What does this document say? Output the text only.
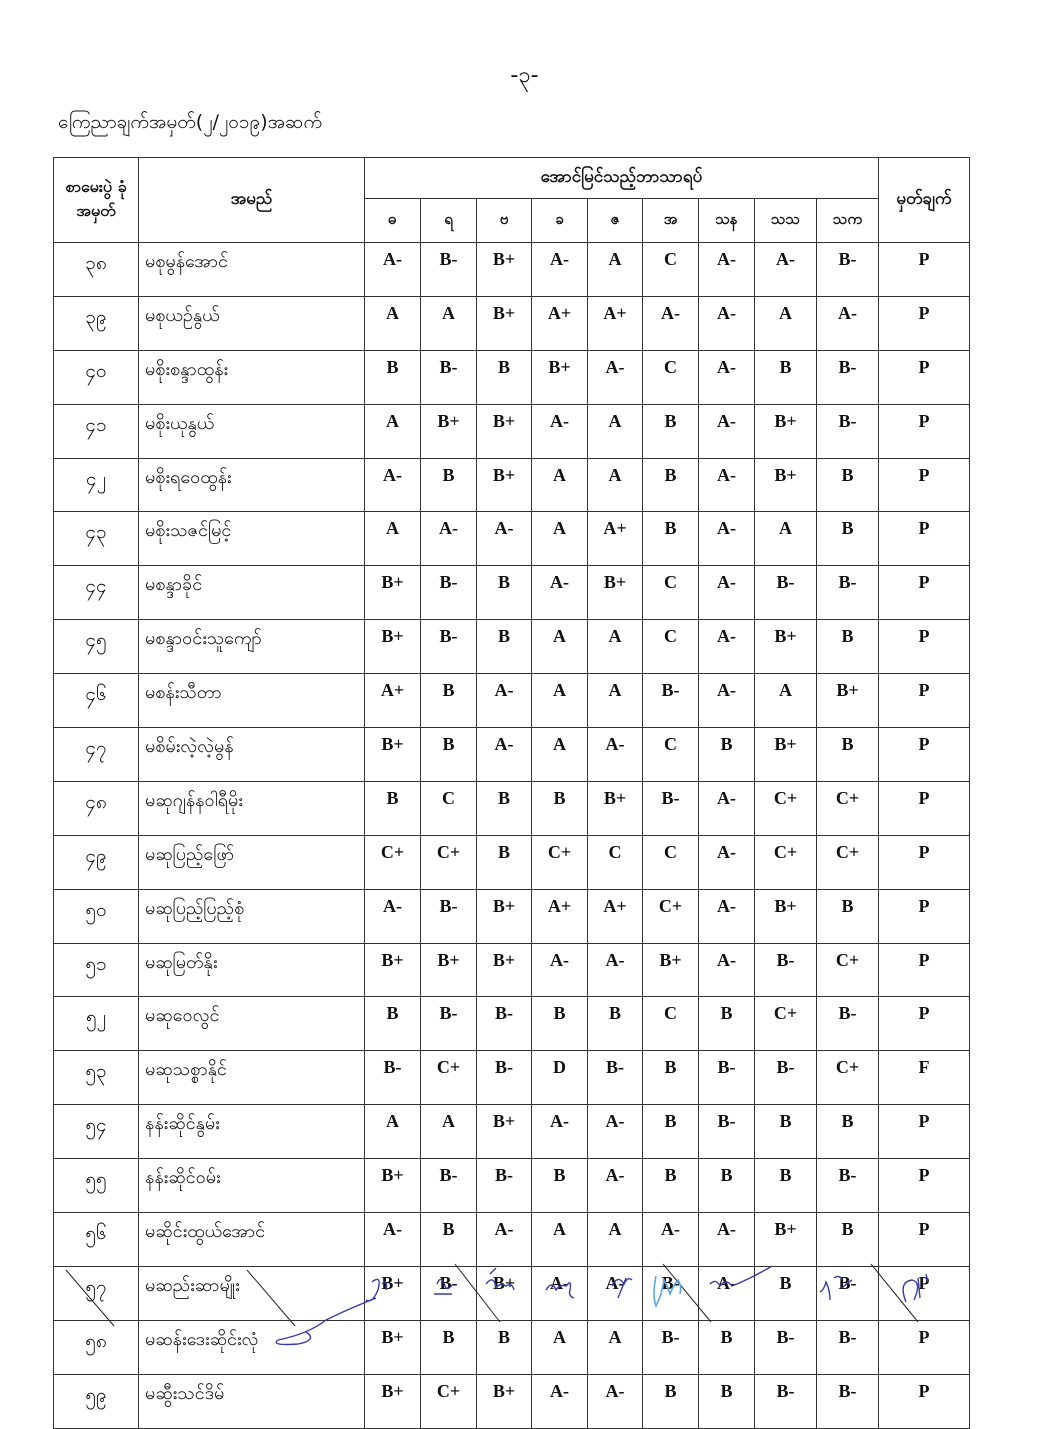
-၃-
ကြေညာချက်အမှတ်(၂/၂၀၁၉)အဆက်
စာမေးပွဲ ခုံအမှတ်	အမည်	အောင်မြင်သည့်ဘာသာရပ်									မှတ်ချက်
		ဓ	ရ	ဗ	ခ	ဇ	အ	သန	သသ	သက	
၃၈	မစုမွန်အောင်	A-	B-	B+	A-	A	C	A-	A-	B-	P
၃၉	မစုယဉ်နွယ်	A	A	B+	A+	A+	A-	A-	A	A-	P
၄၀	မစိုးစန္ဒာထွန်း	B	B-	B	B+	A-	C	A-	B	B-	P
၄၁	မစိုးယုနွယ်	A	B+	B+	A-	A	B	A-	B+	B-	P
၄၂	မစိုးရဝေထွန်း	A-	B	B+	A	A	B	A-	B+	B	P
၄၃	မစိုးသဇင်မြင့်	A	A-	A-	A	A+	B	A-	A	B	P
၄၄	မစန္ဒာခိုင်	B+	B-	B	A-	B+	C	A-	B-	B-	P
၄၅	မစန္ဒာဝင်းသူကျော်	B+	B-	B	A	A	C	A-	B+	B	P
၄၆	မစန်းသီတာ	A+	B	A-	A	A	B-	A-	A	B+	P
၄၇	မစိမ်းလဲ့လဲ့မွန်	B+	B	A-	A	A-	C	B	B+	B	P
၄၈	မဆုဂျန်နဝါရီမိုး	B	C	B	B	B+	B-	A-	C+	C+	P
၄၉	မဆုပြည့်ဖြော်	C+	C+	B	C+	C	C	A-	C+	C+	P
၅၀	မဆုပြည့်ပြည့်စုံ	A-	B-	B+	A+	A+	C+	A-	B+	B	P
၅၁	မဆုမြတ်နိုး	B+	B+	B+	A-	A-	B+	A-	B-	C+	P
၅၂	မဆုဝေလွင်	B	B-	B-	B	B	C	B	C+	B-	P
၅၃	မဆုသစ္စာနိုင်	B-	C+	B-	D	B-	B	B-	B-	C+	F
၅၄	နန်းဆိုင်နွမ်း	A	A	B+	A-	A-	B	B-	B	B	P
၅၅	နန်းဆိုင်ဝမ်း	B+	B-	B-	B	A-	B	B	B	B-	P
၅၆	မဆိုင်းထွယ်အောင်	A-	B	A-	A	A	A-	A-	B+	B	P
၅၇	မဆည်းဆာမျိုး	B+	B-	B+	A-	A-	B-	A-	B	B-	P
၅၈	မဆန်းဒေးဆိုင်းလုံ	B+	B	B	A	A	B-	B	B-	B-	P
၅၉	မဆွီးသင်ဒိမ်	B+	C+	B+	A-	A-	B	B	B-	B-	P
